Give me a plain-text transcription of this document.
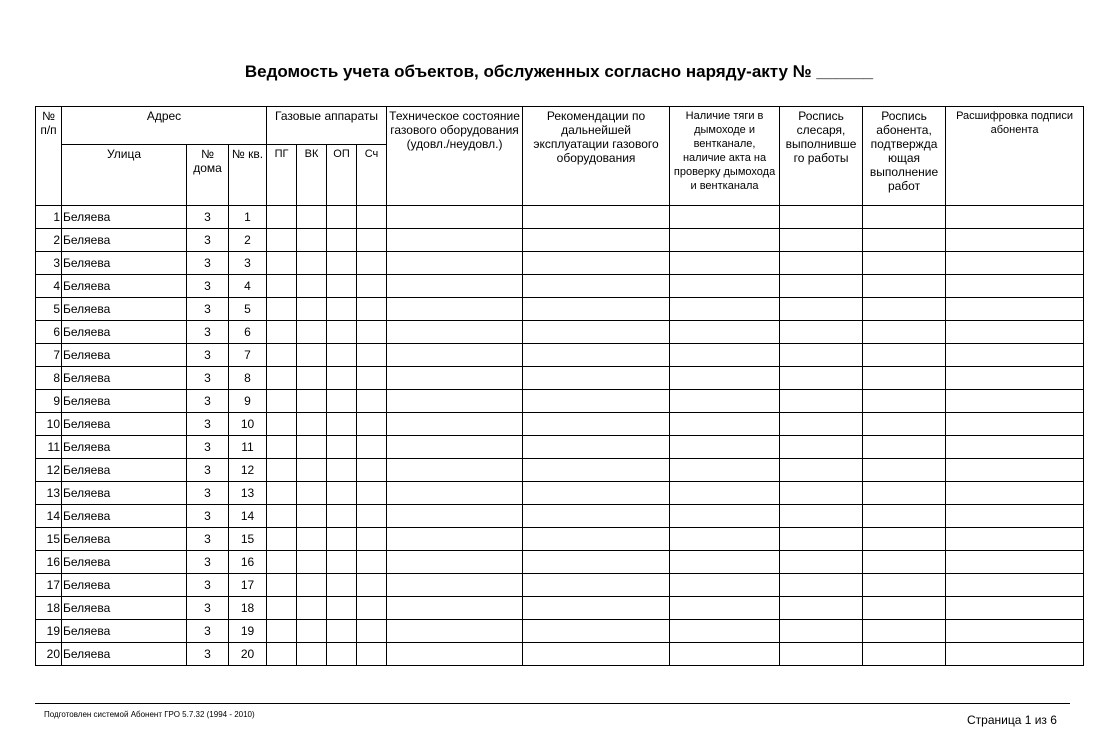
Ведомость учета объектов, обслуженных согласно наряду-акту № ______
№ п/п	Адрес			Газовые аппараты				Техническое состояние газового оборудования (удовл./неудовл.)	Рекомендации по дальнейшей эксплуатации газового оборудования	Наличие тяги в дымоходе и вентканале, наличие акта на проверку дымохода и вентканала	Роспись слесаря, выполнивше го работы	Роспись абонента, подтвержда ющая выполнение работ	Расшифровка подписи абонента
	Улица	№ дома	№ кв.	ПГ	ВК	ОП	Сч						
1	Беляева	3	1										
2	Беляева	3	2										
3	Беляева	3	3										
4	Беляева	3	4										
5	Беляева	3	5										
6	Беляева	3	6										
7	Беляева	3	7										
8	Беляева	3	8										
9	Беляева	3	9										
10	Беляева	3	10										
11	Беляева	3	11										
12	Беляева	3	12										
13	Беляева	3	13										
14	Беляева	3	14										
15	Беляева	3	15										
16	Беляева	3	16										
17	Беляева	3	17										
18	Беляева	3	18										
19	Беляева	3	19										
20	Беляева	3	20										
Подготовлен системой Абонент ГРО 5.7.32 (1994 - 2010)	Страница 1 из 6
